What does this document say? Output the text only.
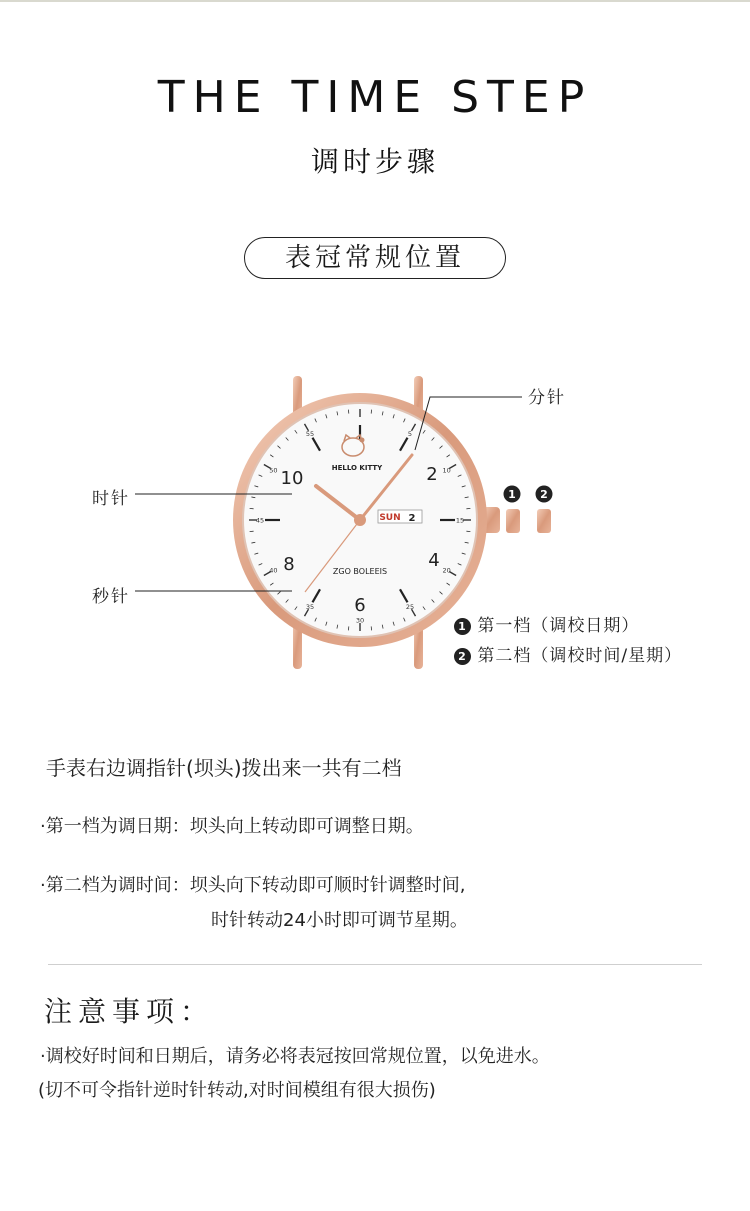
THE TIME STEP
调时步骤
表冠常规位置
55	5
50	10
45	15
40	20
35	25
30
10	2
8	4
6
HELLO KITTY
ZGO BOLEEIS
SUN 2
1 2
分针
时针
秒针
1 第一档（调校日期）
2 第二档（调校时间/星期）
手表右边调指针(坝头)拨出来一共有二档
·第一档为调日期：坝头向上转动即可调整日期。
·第二档为调时间：坝头向下转动即可顺时针调整时间,
时针转动24小时即可调节星期。
注意事项：
·调校好时间和日期后，请务必将表冠按回常规位置，以免进水。
(切不可令指针逆时针转动,对时间模组有很大损伤)
